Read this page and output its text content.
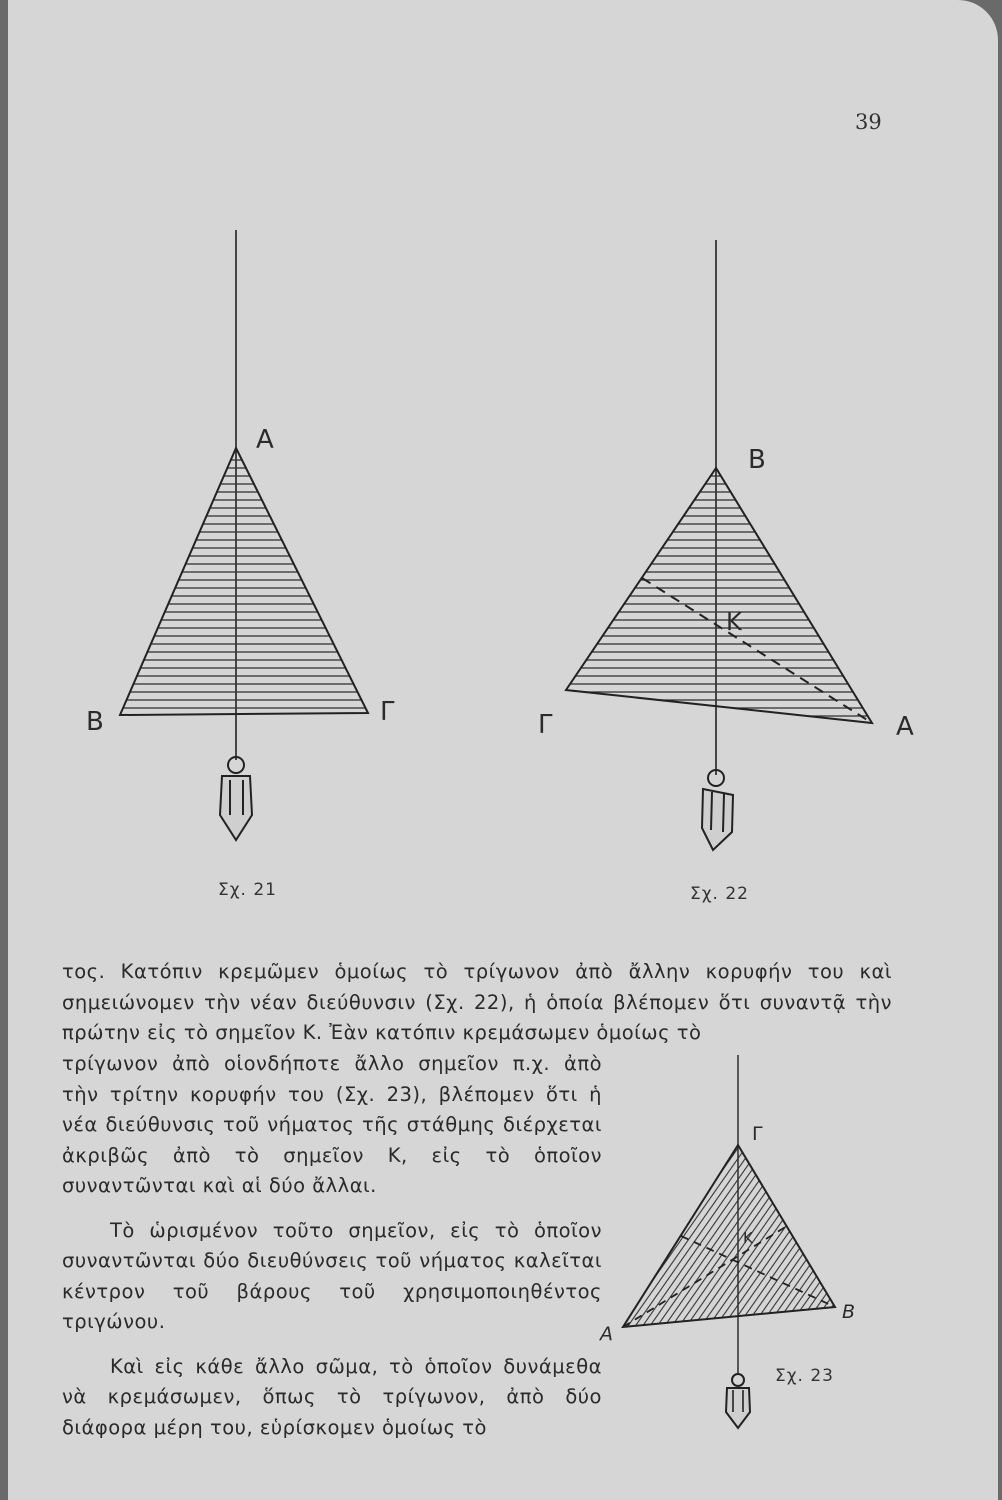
39
Α
Β	Γ
Β
Γ	Α
Κ
Γ
Α
Β
Κ
Σχ. 21	Σχ. 22
Σχ. 23

τος. Κατόπιν κρεμῶμεν ὁμοίως τὸ τρίγωνον ἀπὸ ἄλλην κορυφήν του καὶ σημειώνομεν τὴν νέαν διεύθυνσιν (Σχ. 22), ἡ ὁποία βλέπομεν ὅτι συναντᾷ τὴν πρώτην εἰς τὸ σημεῖον Κ. Ἐὰν κατόπιν κρεμάσωμεν ὁμοίως τὸ

τρίγωνον ἀπὸ οἱονδήποτε ἄλλο σημεῖον π.χ. ἀπὸ τὴν τρίτην κορυφήν του (Σχ. 23), βλέπομεν ὅτι ἡ νέα διεύθυνσις τοῦ νήματος τῆς στάθμης διέρχεται ἀκριβῶς ἀπὸ τὸ σημεῖον Κ, εἰς τὸ ὁποῖον συναντῶνται καὶ αἱ δύο ἄλλαι.

Τὸ ὡρισμένον τοῦτο σημεῖον, εἰς τὸ ὁποῖον συναντῶνται δύο διευθύνσεις τοῦ νήματος καλεῖται κέντρον τοῦ βάρους τοῦ χρησιμοποιηθέντος τριγώνου.

Καὶ εἰς κάθε ἄλλο σῶμα, τὸ ὁποῖον δυνάμεθα νὰ κρεμάσωμεν, ὅπως τὸ τρίγωνον, ἀπὸ δύο διάφορα μέρη του, εὑρίσκομεν ὁμοίως τὸ
